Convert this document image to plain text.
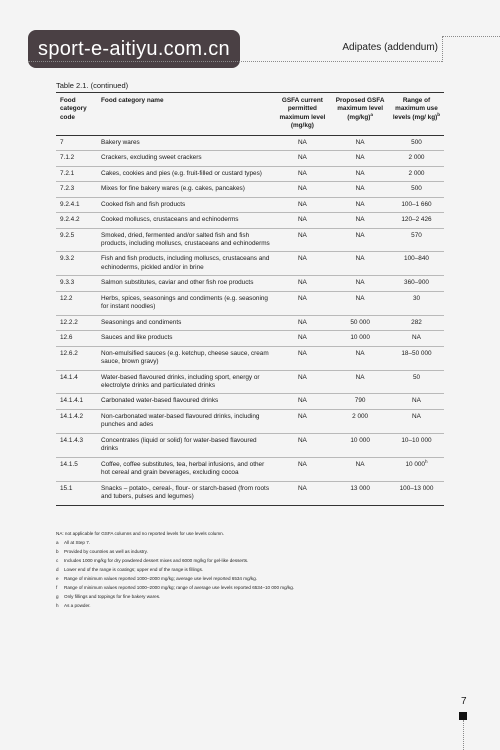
sport-e-aitiyu.com.cn	Adipates (addendum)
Table 2.1. (continued)
Food category code	Food category name	GSFA current permitted maximum level (mg/kg)	Proposed GSFA maximum level $(mg/kg)^a$	Range of maximum use levels (mg/ kg)$^b$
7	Bakery wares	NA	NA	500
7.1.2	Crackers, excluding sweet crackers	NA	NA	2 000
7.2.1	Cakes, cookies and pies (e.g. fruit-filled or custard types)	NA	NA	2 000
7.2.3	Mixes for fine bakery wares (e.g. cakes, pancakes)	NA	NA	500
9.2.4.1	Cooked fish and fish products	NA	NA	100–1 660
9.2.4.2	Cooked molluscs, crustaceans and echinoderms	NA	NA	120–2 426
9.2.5	Smoked, dried, fermented and/or salted fish and fish products, including molluscs, crustaceans and echinoderms	NA	NA	570
9.3.2	Fish and fish products, including molluscs, crustaceans and echinoderms, pickled and/or in brine	NA	NA	100–840
9.3.3	Salmon substitutes, caviar and other fish roe products	NA	NA	360–900
12.2	Herbs, spices, seasonings and condiments (e.g. seasoning for instant noodles)	NA	NA	30
12.2.2	Seasonings and condiments	NA	50 000	282
12.6	Sauces and like products	NA	10 000	NA
12.6.2	Non-emulsified sauces (e.g. ketchup, cheese sauce, cream sauce, brown gravy)	NA	NA	18–50 000
14.1.4	Water-based flavoured drinks, including sport, energy or electrolyte drinks and particulated drinks	NA	NA	50
14.1.4.1	Carbonated water-based flavoured drinks	NA	790	NA
14.1.4.2	Non-carbonated water-based flavoured drinks, including punches and ades	NA	2 000	NA
14.1.4.3	Concentrates (liquid or solid) for water-based flavoured drinks	NA	10 000	10–10 000
14.1.5	Coffee, coffee substitutes, tea, herbal infusions, and other hot cereal and grain beverages, excluding cocoa	NA	NA	10 000$^h$
15.1	Snacks – potato-, cereal-, flour- or starch-based (from roots and tubers, pulses and legumes)	NA	13 000	100–13 000
NA: not applicable for GSFA columns and no reported levels for use levels column.
a All at Step 7.
b Provided by countries as well as industry.
c Includes 1000 mg/kg for dry powdered dessert mixes and 6000 mg/kg for gel-like desserts.
d Lower end of the range is coatings; upper end of the range is fillings.
e Range of minimum values reported 1000–2000 mg/kg; average use level reported 6534 mg/kg.
f Range of minimum values reported 1000–2000 mg/kg; range of average use levels reported 6534–10 000 mg/kg.
g Only fillings and toppings for fine bakery wares.
h As a powder.
7
